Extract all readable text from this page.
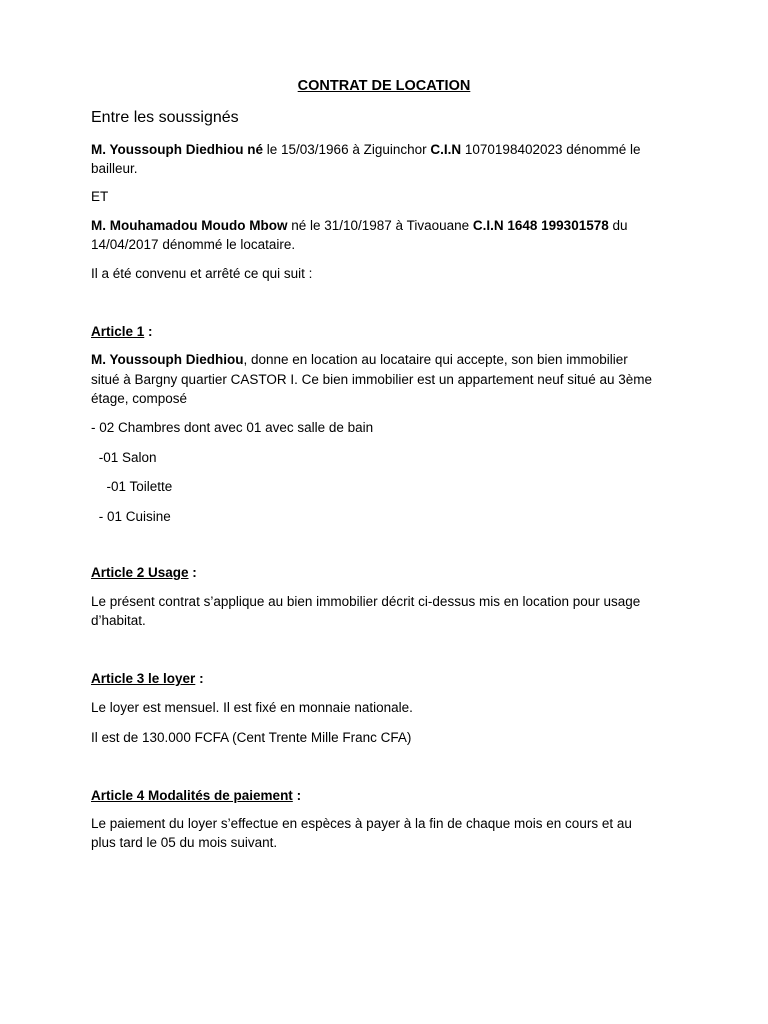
CONTRAT DE LOCATION
Entre les soussignés
M. Youssouph Diedhiou né le 15/03/1966 à Ziguinchor C.I.N 1070198402023 dénommé le
bailleur.
ET
M. Mouhamadou Moudo Mbow né le 31/10/1987 à Tivaouane C.I.N 1648 199301578 du
14/04/2017 dénommé le locataire.
Il a été convenu et arrêté ce qui suit :
Article 1 :
M. Youssouph Diedhiou, donne en location au locataire qui accepte, son bien immobilier
situé à Bargny quartier CASTOR I. Ce bien immobilier est un appartement neuf situé au 3ème
étage, composé
- 02 Chambres dont avec 01 avec salle de bain
-01 Salon
-01 Toilette
- 01 Cuisine
Article 2 Usage :
Le présent contrat s’applique au bien immobilier décrit ci-dessus mis en location pour usage
d’habitat.
Article 3 le loyer :
Le loyer est mensuel. Il est fixé en monnaie nationale.
Il est de 130.000 FCFA (Cent Trente Mille Franc CFA)
Article 4 Modalités de paiement :
Le paiement du loyer s’effectue en espèces à payer à la fin de chaque mois en cours et au
plus tard le 05 du mois suivant.
